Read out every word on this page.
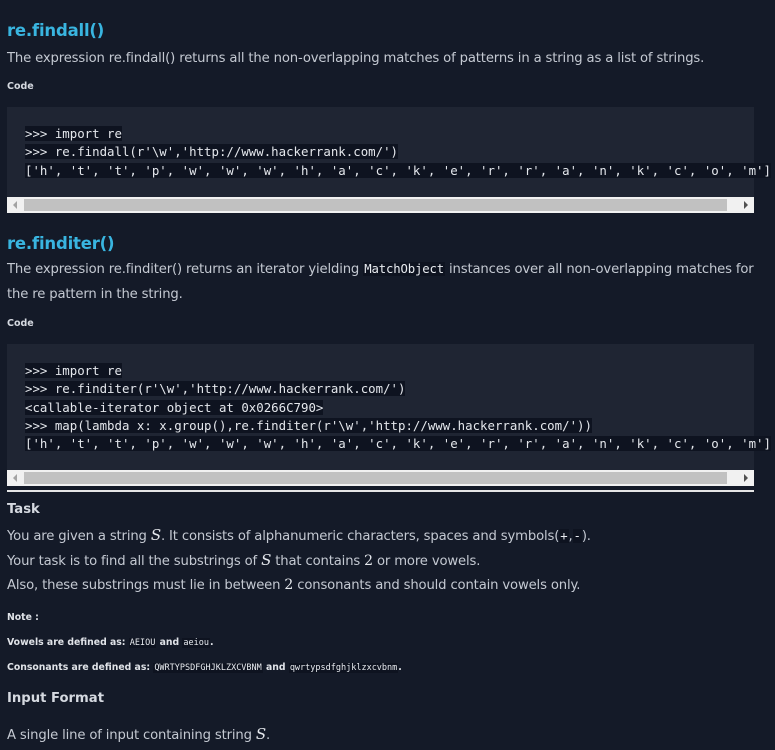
re.findall()

The expression re.findall() returns all the non-overlapping matches of patterns in a string as a list of strings.

Code
>>> import re
>>> re.findall(r'\w','http://www.hackerrank.com/')
['h', 't', 't', 'p', 'w', 'w', 'w', 'h', 'a', 'c', 'k', 'e', 'r', 'r', 'a', 'n', 'k', 'c', 'o', 'm']
re.finditer()

The expression re.finditer() returns an iterator yielding MatchObject instances over all non-overlapping matches for the re pattern in the string.

Code
>>> import re
>>> re.finditer(r'\w','http://www.hackerrank.com/')
<callable-iterator object at 0x0266C790>
>>> map(lambda x: x.group(),re.finditer(r'\w','http://www.hackerrank.com/'))
['h', 't', 't', 'p', 'w', 'w', 'w', 'h', 'a', 'c', 'k', 'e', 'r', 'r', 'a', 'n', 'k', 'c', 'o', 'm']
Task

You are given a string S. It consists of alphanumeric characters, spaces and symbols(+,-).

Your task is to find all the substrings of S that contains 2 or more vowels.

Also, these substrings must lie in between 2 consonants and should contain vowels only.

Note :
Vowels are defined as: AEIOU and aeiou.
Consonants are defined as: QWRTYPSDFGHJKLZXCVBNM and qwrtypsdfghjklzxcvbnm.
Input Format

A single line of input containing string S.
